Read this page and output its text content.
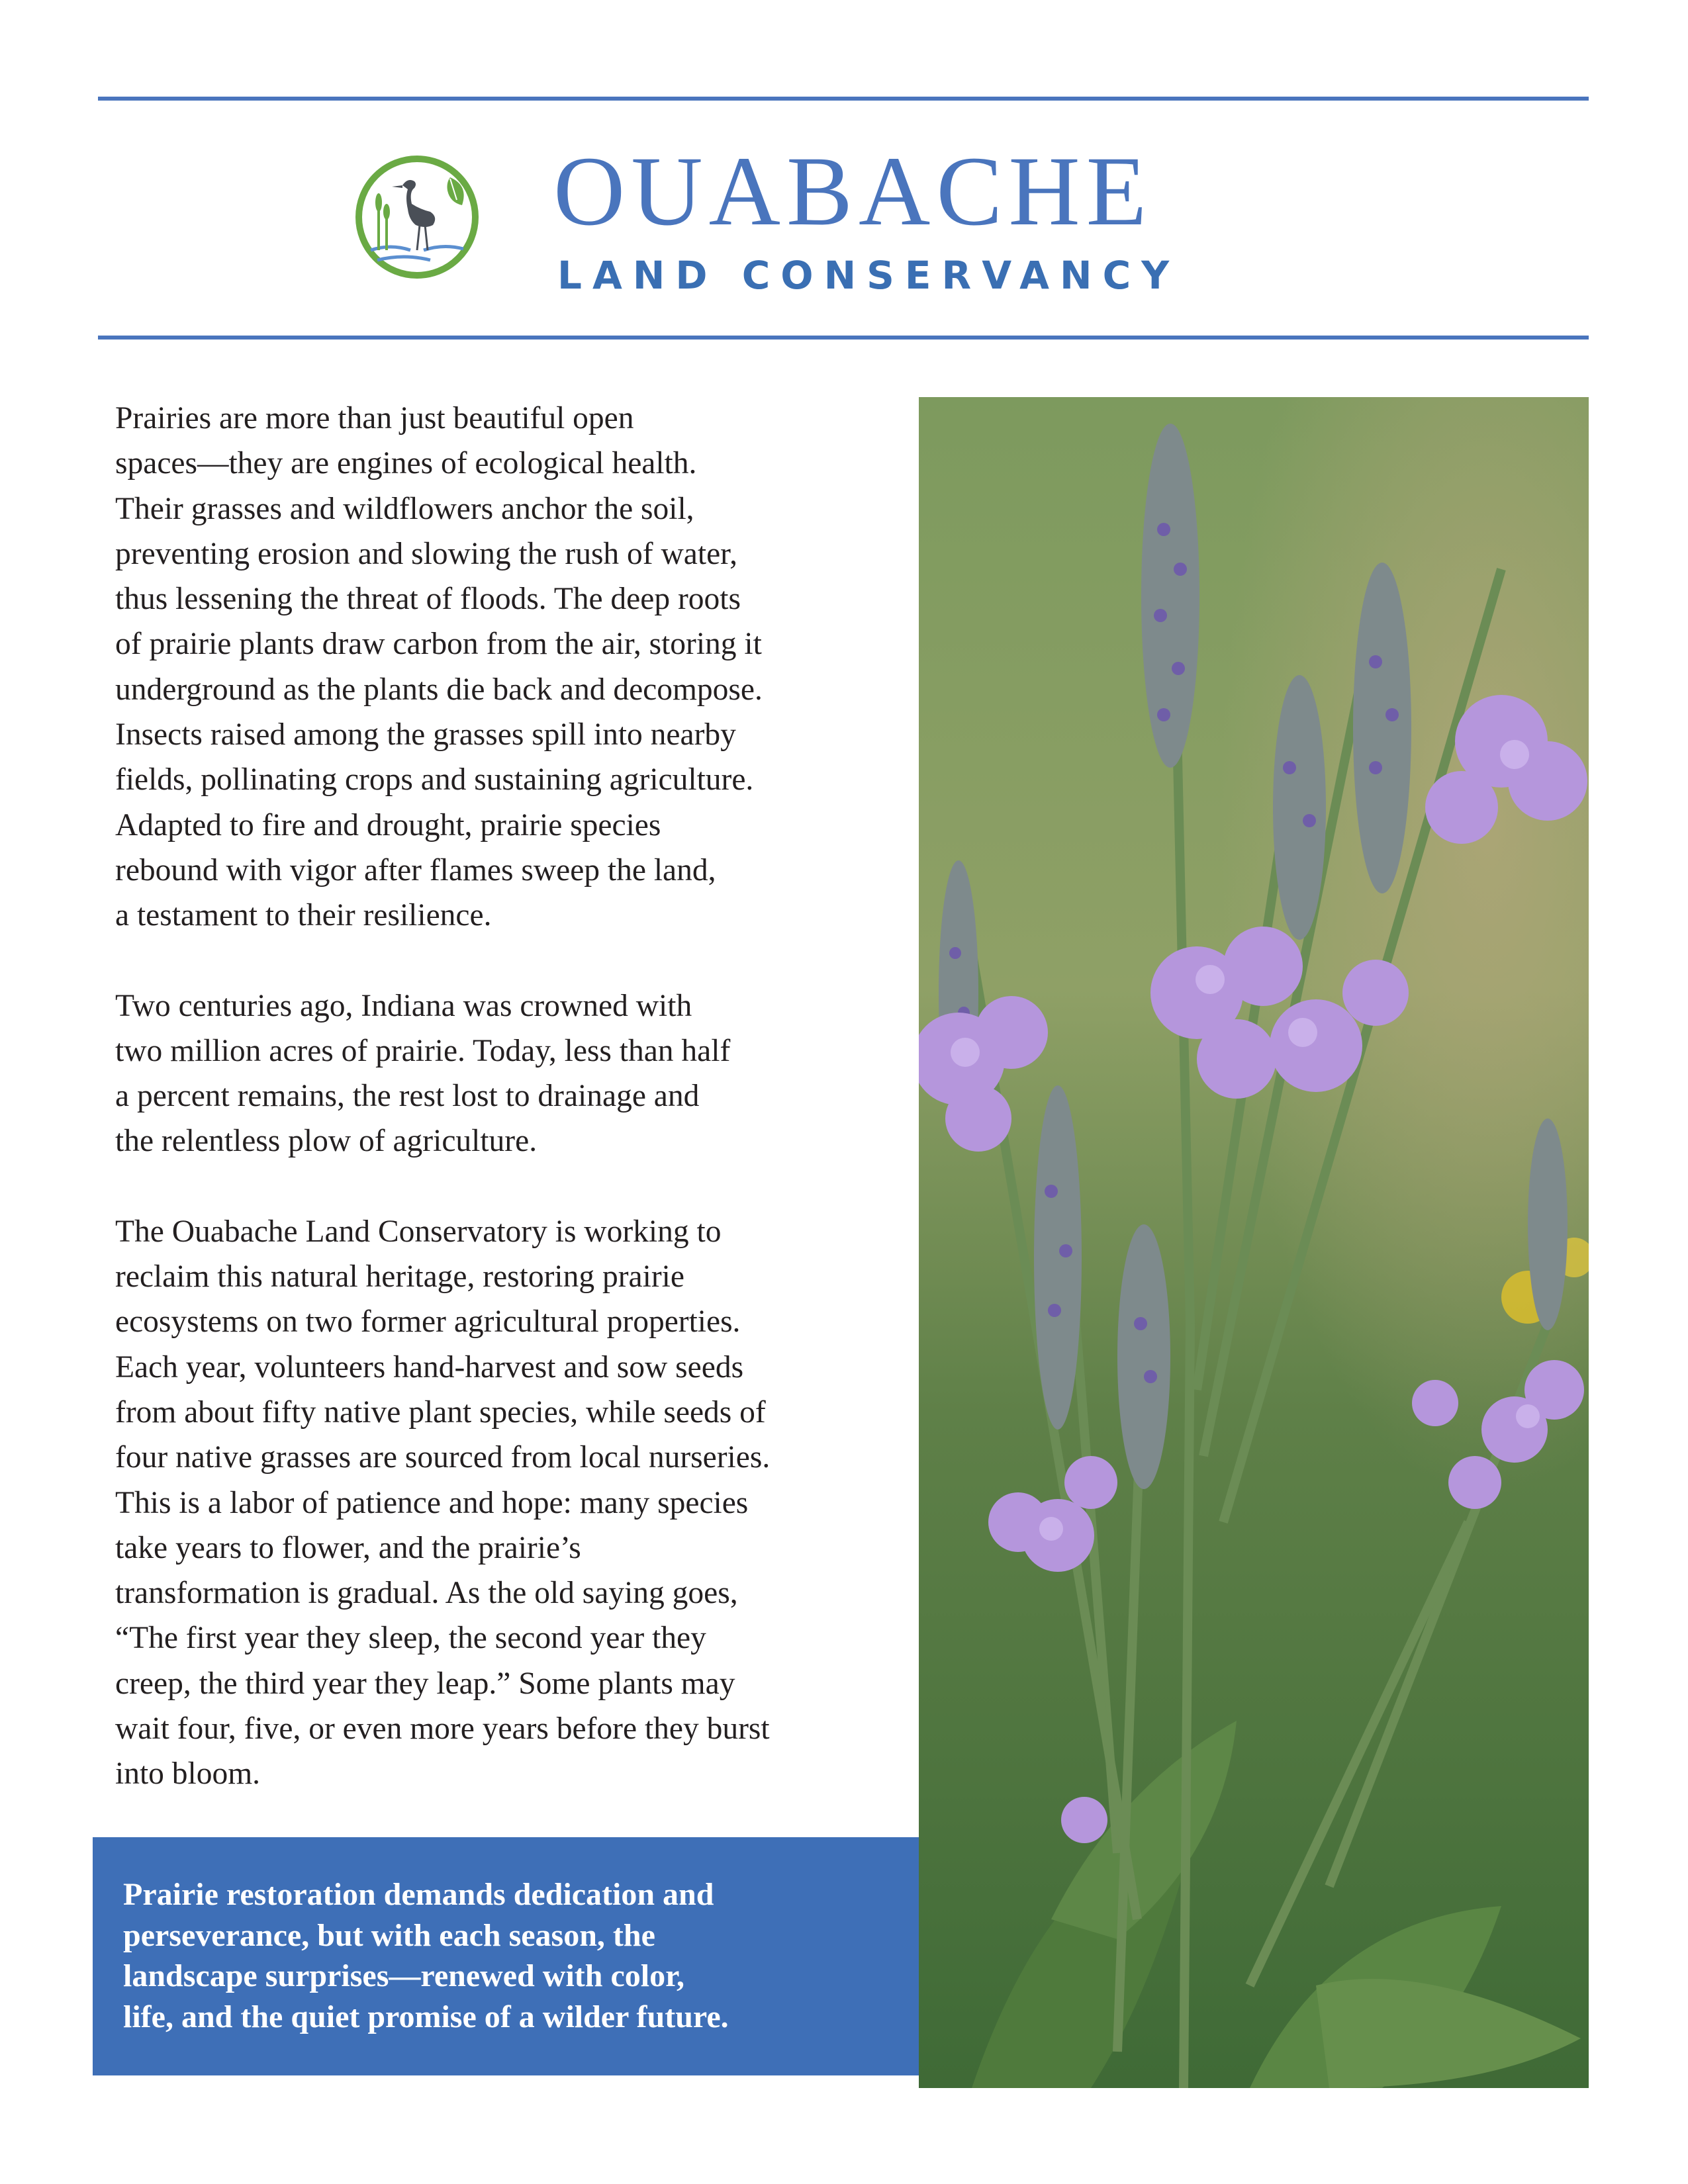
OUABACHE
LAND CONSERVANCY

Prairies are more than just beautiful open
spaces—they are engines of ecological health.
Their grasses and wildflowers anchor the soil,
preventing erosion and slowing the rush of water,
thus lessening the threat of floods. The deep roots
of prairie plants draw carbon from the air, storing it
underground as the plants die back and decompose.
Insects raised among the grasses spill into nearby
fields, pollinating crops and sustaining agriculture.
Adapted to fire and drought, prairie species
rebound with vigor after flames sweep the land,
a testament to their resilience.

Two centuries ago, Indiana was crowned with
two million acres of prairie. Today, less than half
a percent remains, the rest lost to drainage and
the relentless plow of agriculture.

The Ouabache Land Conservatory is working to
reclaim this natural heritage, restoring prairie
ecosystems on two former agricultural properties.
Each year, volunteers hand-harvest and sow seeds
from about fifty native plant species, while seeds of
four native grasses are sourced from local nurseries.
This is a labor of patience and hope: many species
take years to flower, and the prairie’s
transformation is gradual. As the old saying goes,
“The first year they sleep, the second year they
creep, the third year they leap.” Some plants may
wait four, five, or even more years before they burst
into bloom.

Prairie restoration demands dedication and
perseverance, but with each season, the
landscape surprises—renewed with color,
life, and the quiet promise of a wilder future.
